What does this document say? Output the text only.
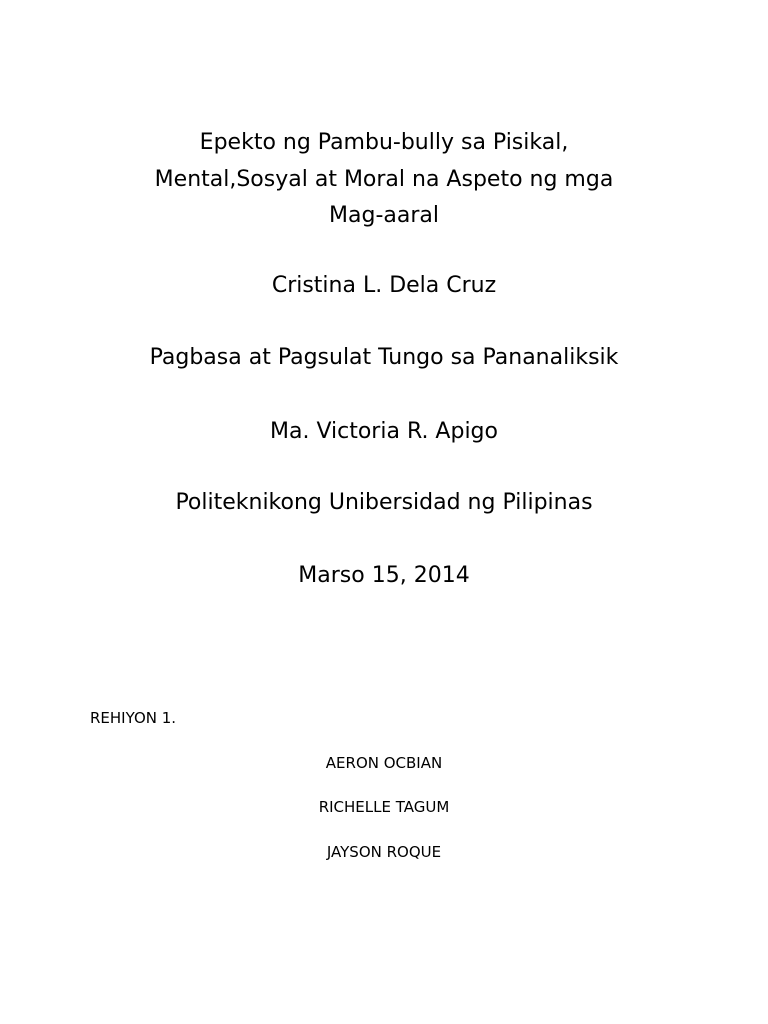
Epekto ng Pambu-bully sa Pisikal,
Mental,Sosyal at Moral na Aspeto ng mga
Mag-aaral
Cristina L. Dela Cruz
Pagbasa at Pagsulat Tungo sa Pananaliksik
Ma. Victoria R. Apigo
Politeknikong Unibersidad ng Pilipinas
Marso 15, 2014
REHIYON 1.
AERON OCBIAN
RICHELLE TAGUM
JAYSON ROQUE
